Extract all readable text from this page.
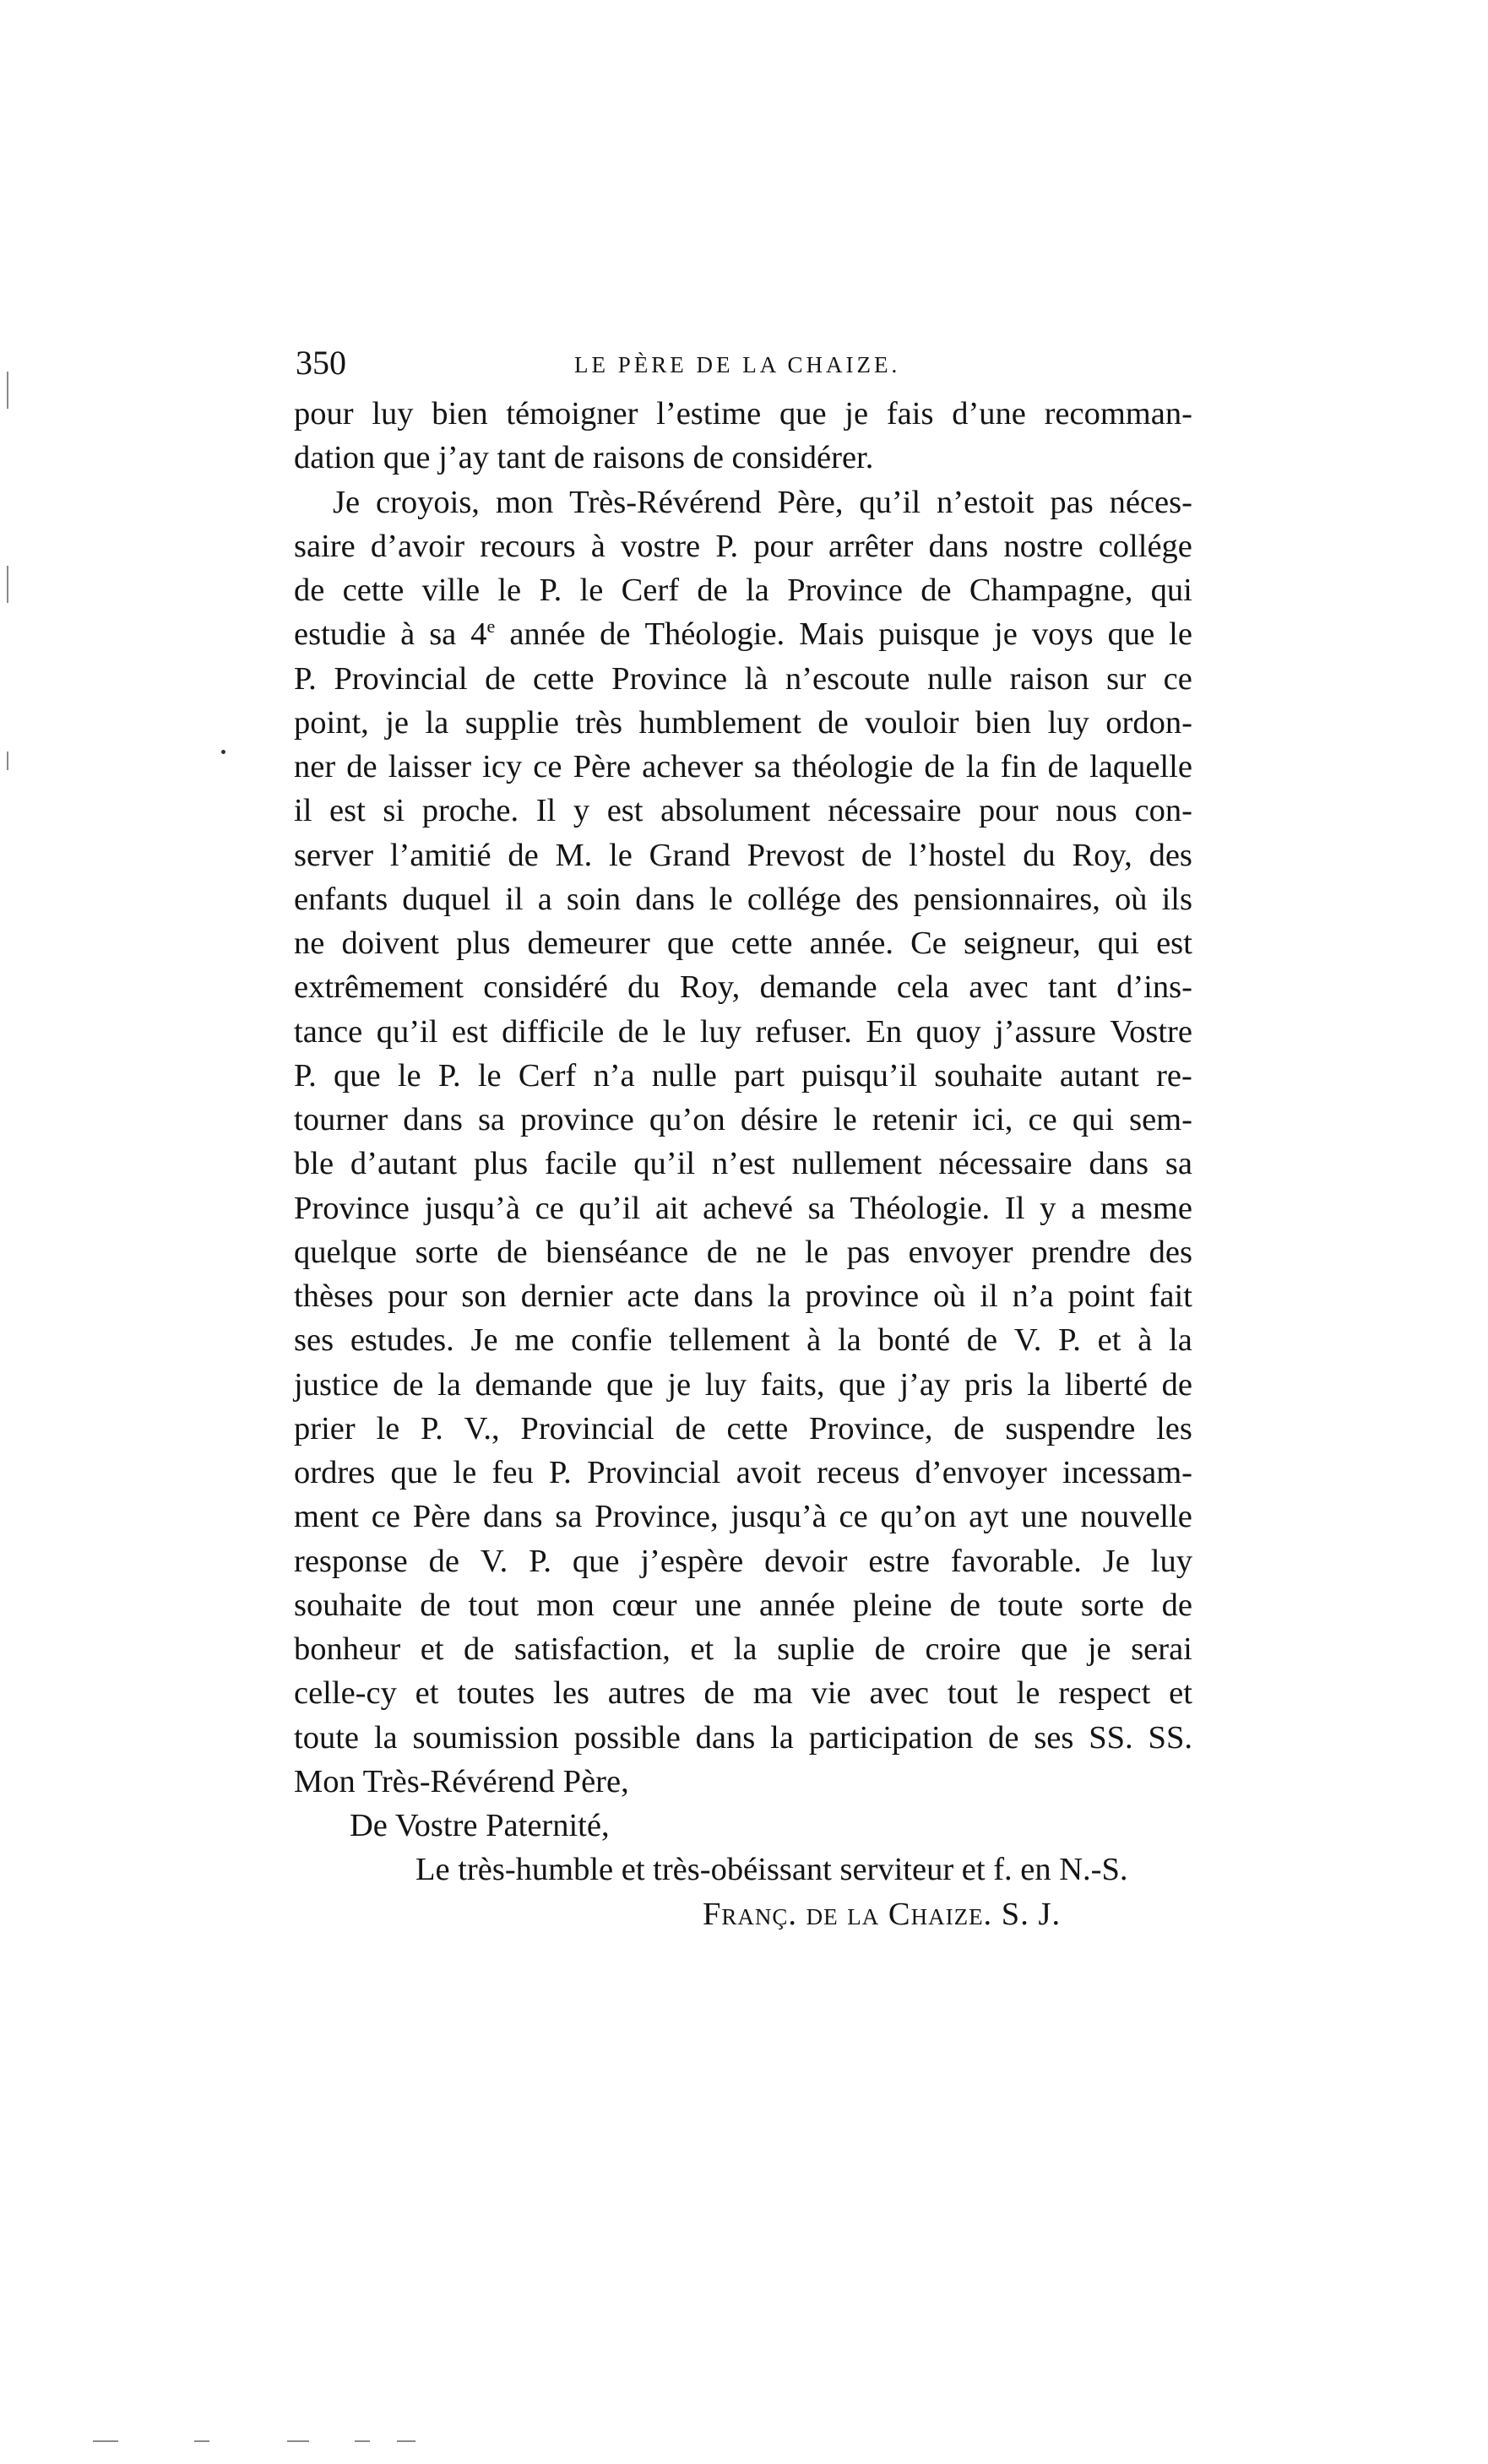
350	LE PÈRE DE LA CHAIZE.
pour luy bien témoigner l’estime que je fais d’une recomman-
dation que j’ay tant de raisons de considérer.
Je croyois, mon Très-Révérend Père, qu’il n’estoit pas néces-
saire d’avoir recours à vostre P. pour arrêter dans nostre collége
de cette ville le P. le Cerf de la Province de Champagne, qui
estudie à sa 4e année de Théologie. Mais puisque je voys que le
P. Provincial de cette Province là n’escoute nulle raison sur ce
point, je la supplie très humblement de vouloir bien luy ordon-
ner de laisser icy ce Père achever sa théologie de la fin de laquelle
il est si proche. Il y est absolument nécessaire pour nous con-
server l’amitié de M. le Grand Prevost de l’hostel du Roy, des
enfants duquel il a soin dans le collége des pensionnaires, où ils
ne doivent plus demeurer que cette année. Ce seigneur, qui est
extrêmement considéré du Roy, demande cela avec tant d’ins-
tance qu’il est difficile de le luy refuser. En quoy j’assure Vostre
P. que le P. le Cerf n’a nulle part puisqu’il souhaite autant re-
tourner dans sa province qu’on désire le retenir ici, ce qui sem-
ble d’autant plus facile qu’il n’est nullement nécessaire dans sa
Province jusqu’à ce qu’il ait achevé sa Théologie. Il y a mesme
quelque sorte de bienséance de ne le pas envoyer prendre des
thèses pour son dernier acte dans la province où il n’a point fait
ses estudes. Je me confie tellement à la bonté de V. P. et à la
justice de la demande que je luy faits, que j’ay pris la liberté de
prier le P. V., Provincial de cette Province, de suspendre les
ordres que le feu P. Provincial avoit receus d’envoyer incessam-
ment ce Père dans sa Province, jusqu’à ce qu’on ayt une nouvelle
response de V. P. que j’espère devoir estre favorable. Je luy
souhaite de tout mon cœur une année pleine de toute sorte de
bonheur et de satisfaction, et la suplie de croire que je serai
celle-cy et toutes les autres de ma vie avec tout le respect et
toute la soumission possible dans la participation de ses SS. SS.
Mon Très-Révérend Père,
De Vostre Paternité,
Le très-humble et très-obéissant serviteur et f. en N.-S.
Franç. de la Chaize. S. J.
